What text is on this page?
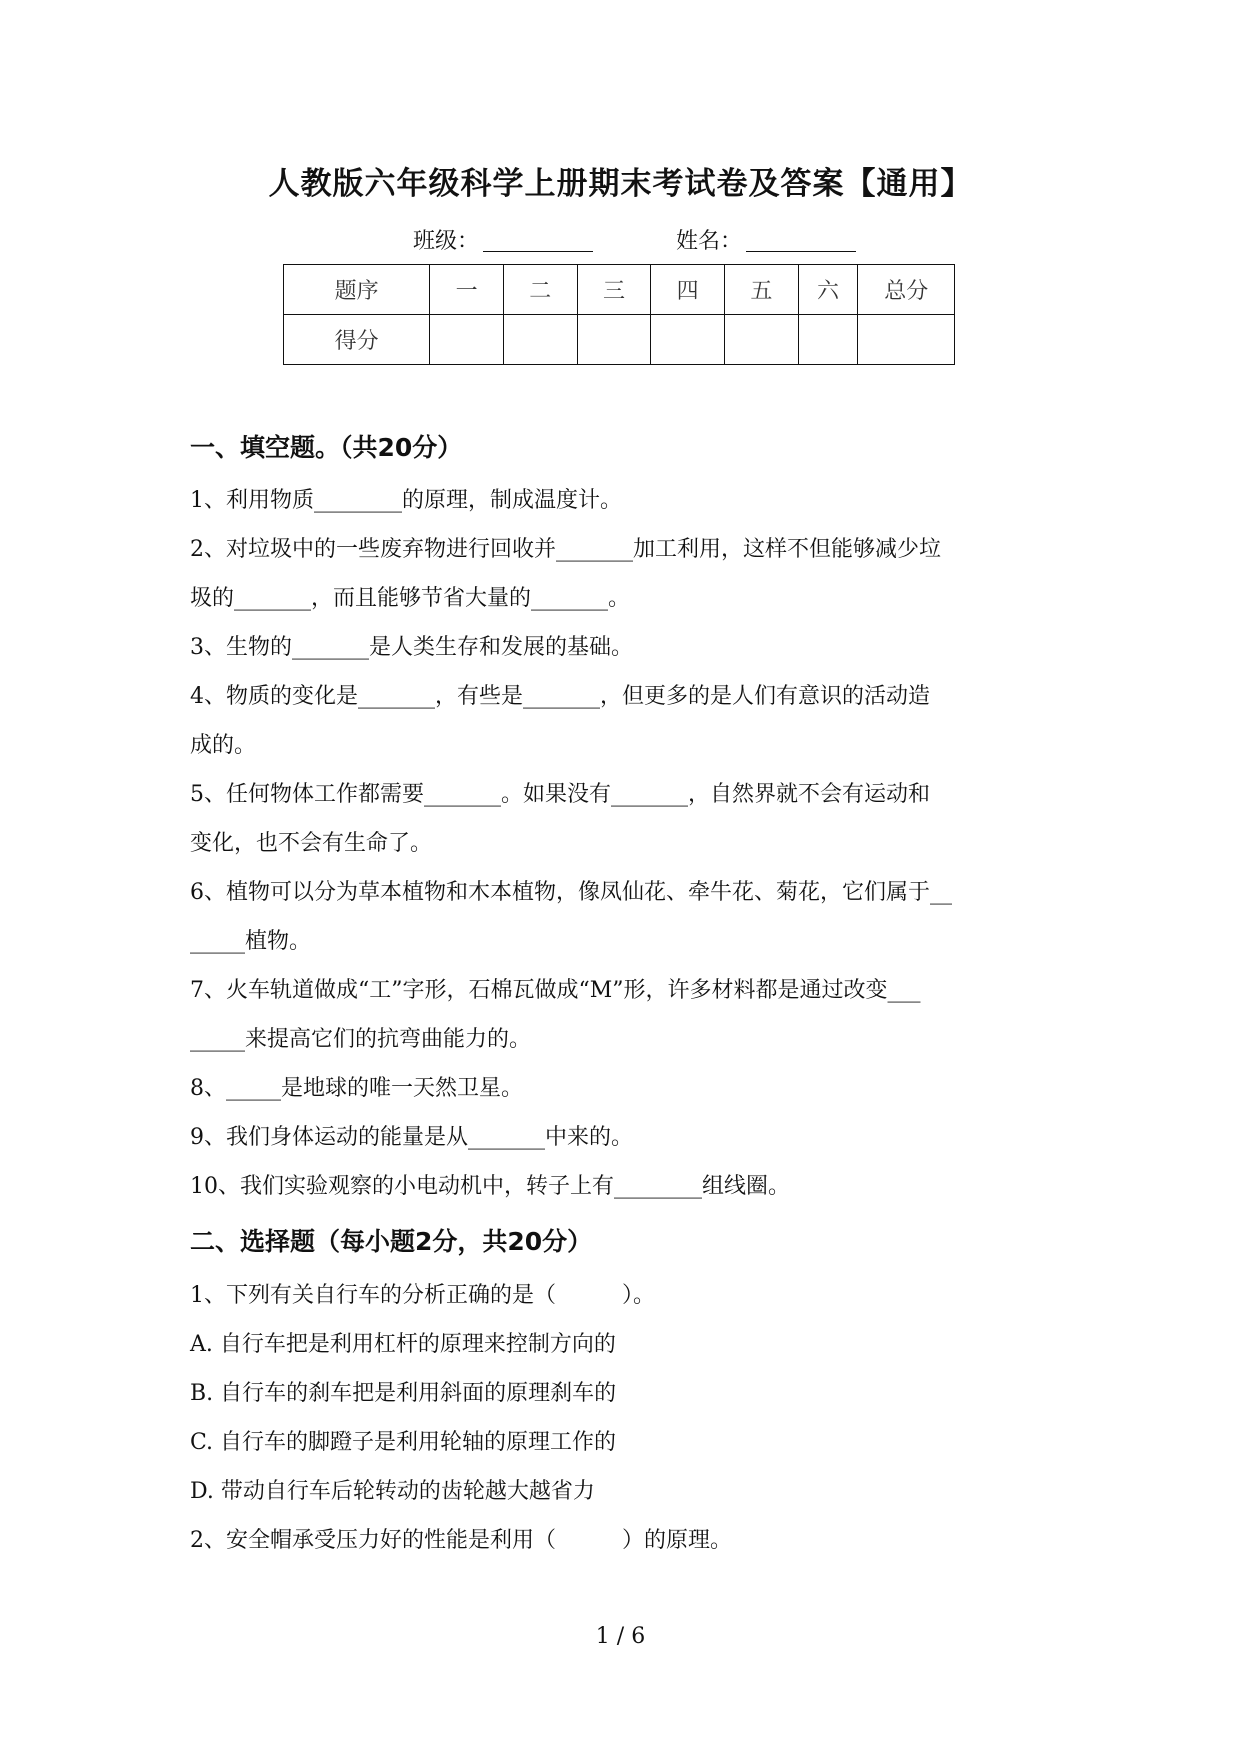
人教版六年级科学上册期末考试卷及答案【通用】
班级：	姓名：
题序	一	二	三	四	五	六	总分
得分							
一、填空题。（共20分）

1、利用物质________的原理，制成温度计。

2、对垃圾中的一些废弃物进行回收并_______加工利用，这样不但能够减少垃

圾的_______，而且能够节省大量的_______。

3、生物的_______是人类生存和发展的基础。

4、物质的变化是_______，有些是_______，但更多的是人们有意识的活动造

成的。

5、任何物体工作都需要_______。如果没有_______，自然界就不会有运动和

变化，也不会有生命了。

6、植物可以分为草本植物和木本植物，像凤仙花、牵牛花、菊花，它们属于__

_____植物。

7、火车轨道做成“工”字形，石棉瓦做成“M”形，许多材料都是通过改变___

_____来提高它们的抗弯曲能力的。

8、_____是地球的唯一天然卫星。

9、我们身体运动的能量是从_______中来的。

10、我们实验观察的小电动机中，转子上有________组线圈。

二、选择题（每小题2分，共20分）

1、下列有关自行车的分析正确的是（　　　）。

A. 自行车把是利用杠杆的原理来控制方向的

B. 自行车的刹车把是利用斜面的原理刹车的

C. 自行车的脚蹬子是利用轮轴的原理工作的

D. 带动自行车后轮转动的齿轮越大越省力

2、安全帽承受压力好的性能是利用（　　　）的原理。

1 / 6
